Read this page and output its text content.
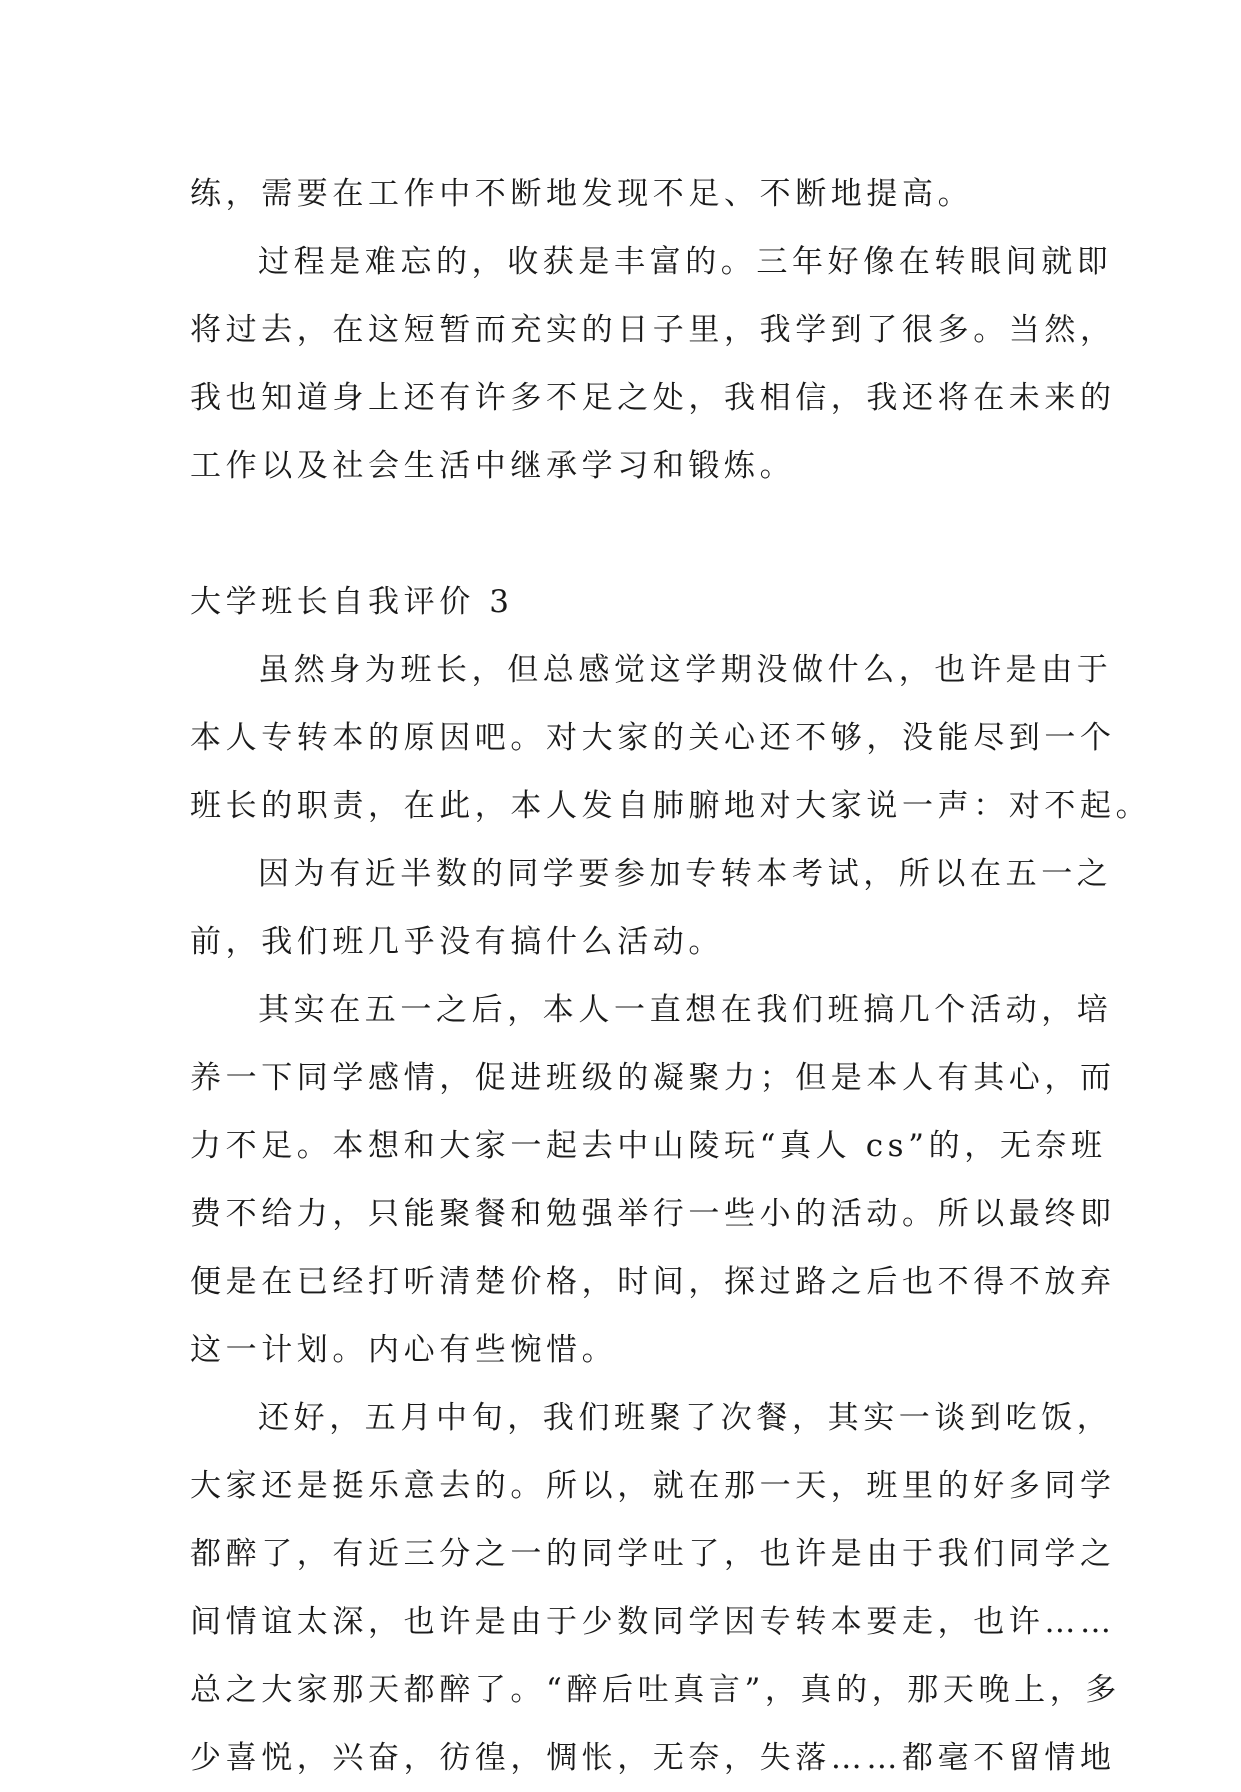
练，需要在工作中不断地发现不足、不断地提高。
过程是难忘的，收获是丰富的。三年好像在转眼间就即
将过去，在这短暂而充实的日子里，我学到了很多。当然，
我也知道身上还有许多不足之处，我相信，我还将在未来的
工作以及社会生活中继承学习和锻炼。
大学班长自我评价 3
虽然身为班长，但总感觉这学期没做什么，也许是由于
本人专转本的原因吧。对大家的关心还不够，没能尽到一个
班长的职责，在此，本人发自肺腑地对大家说一声：对不起。
因为有近半数的同学要参加专转本考试，所以在五一之
前，我们班几乎没有搞什么活动。
其实在五一之后，本人一直想在我们班搞几个活动，培
养一下同学感情，促进班级的凝聚力；但是本人有其心，而
力不足。本想和大家一起去中山陵玩“真人 cs”的，无奈班
费不给力，只能聚餐和勉强举行一些小的活动。所以最终即
便是在已经打听清楚价格，时间，探过路之后也不得不放弃
这一计划。内心有些惋惜。
还好，五月中旬，我们班聚了次餐，其实一谈到吃饭，
大家还是挺乐意去的。所以，就在那一天，班里的好多同学
都醉了，有近三分之一的同学吐了，也许是由于我们同学之
间情谊太深，也许是由于少数同学因专转本要走，也许……
总之大家那天都醉了。“醉后吐真言”，真的，那天晚上，多
少喜悦，兴奋，彷徨，惆怅，无奈，失落……都毫不留情地
